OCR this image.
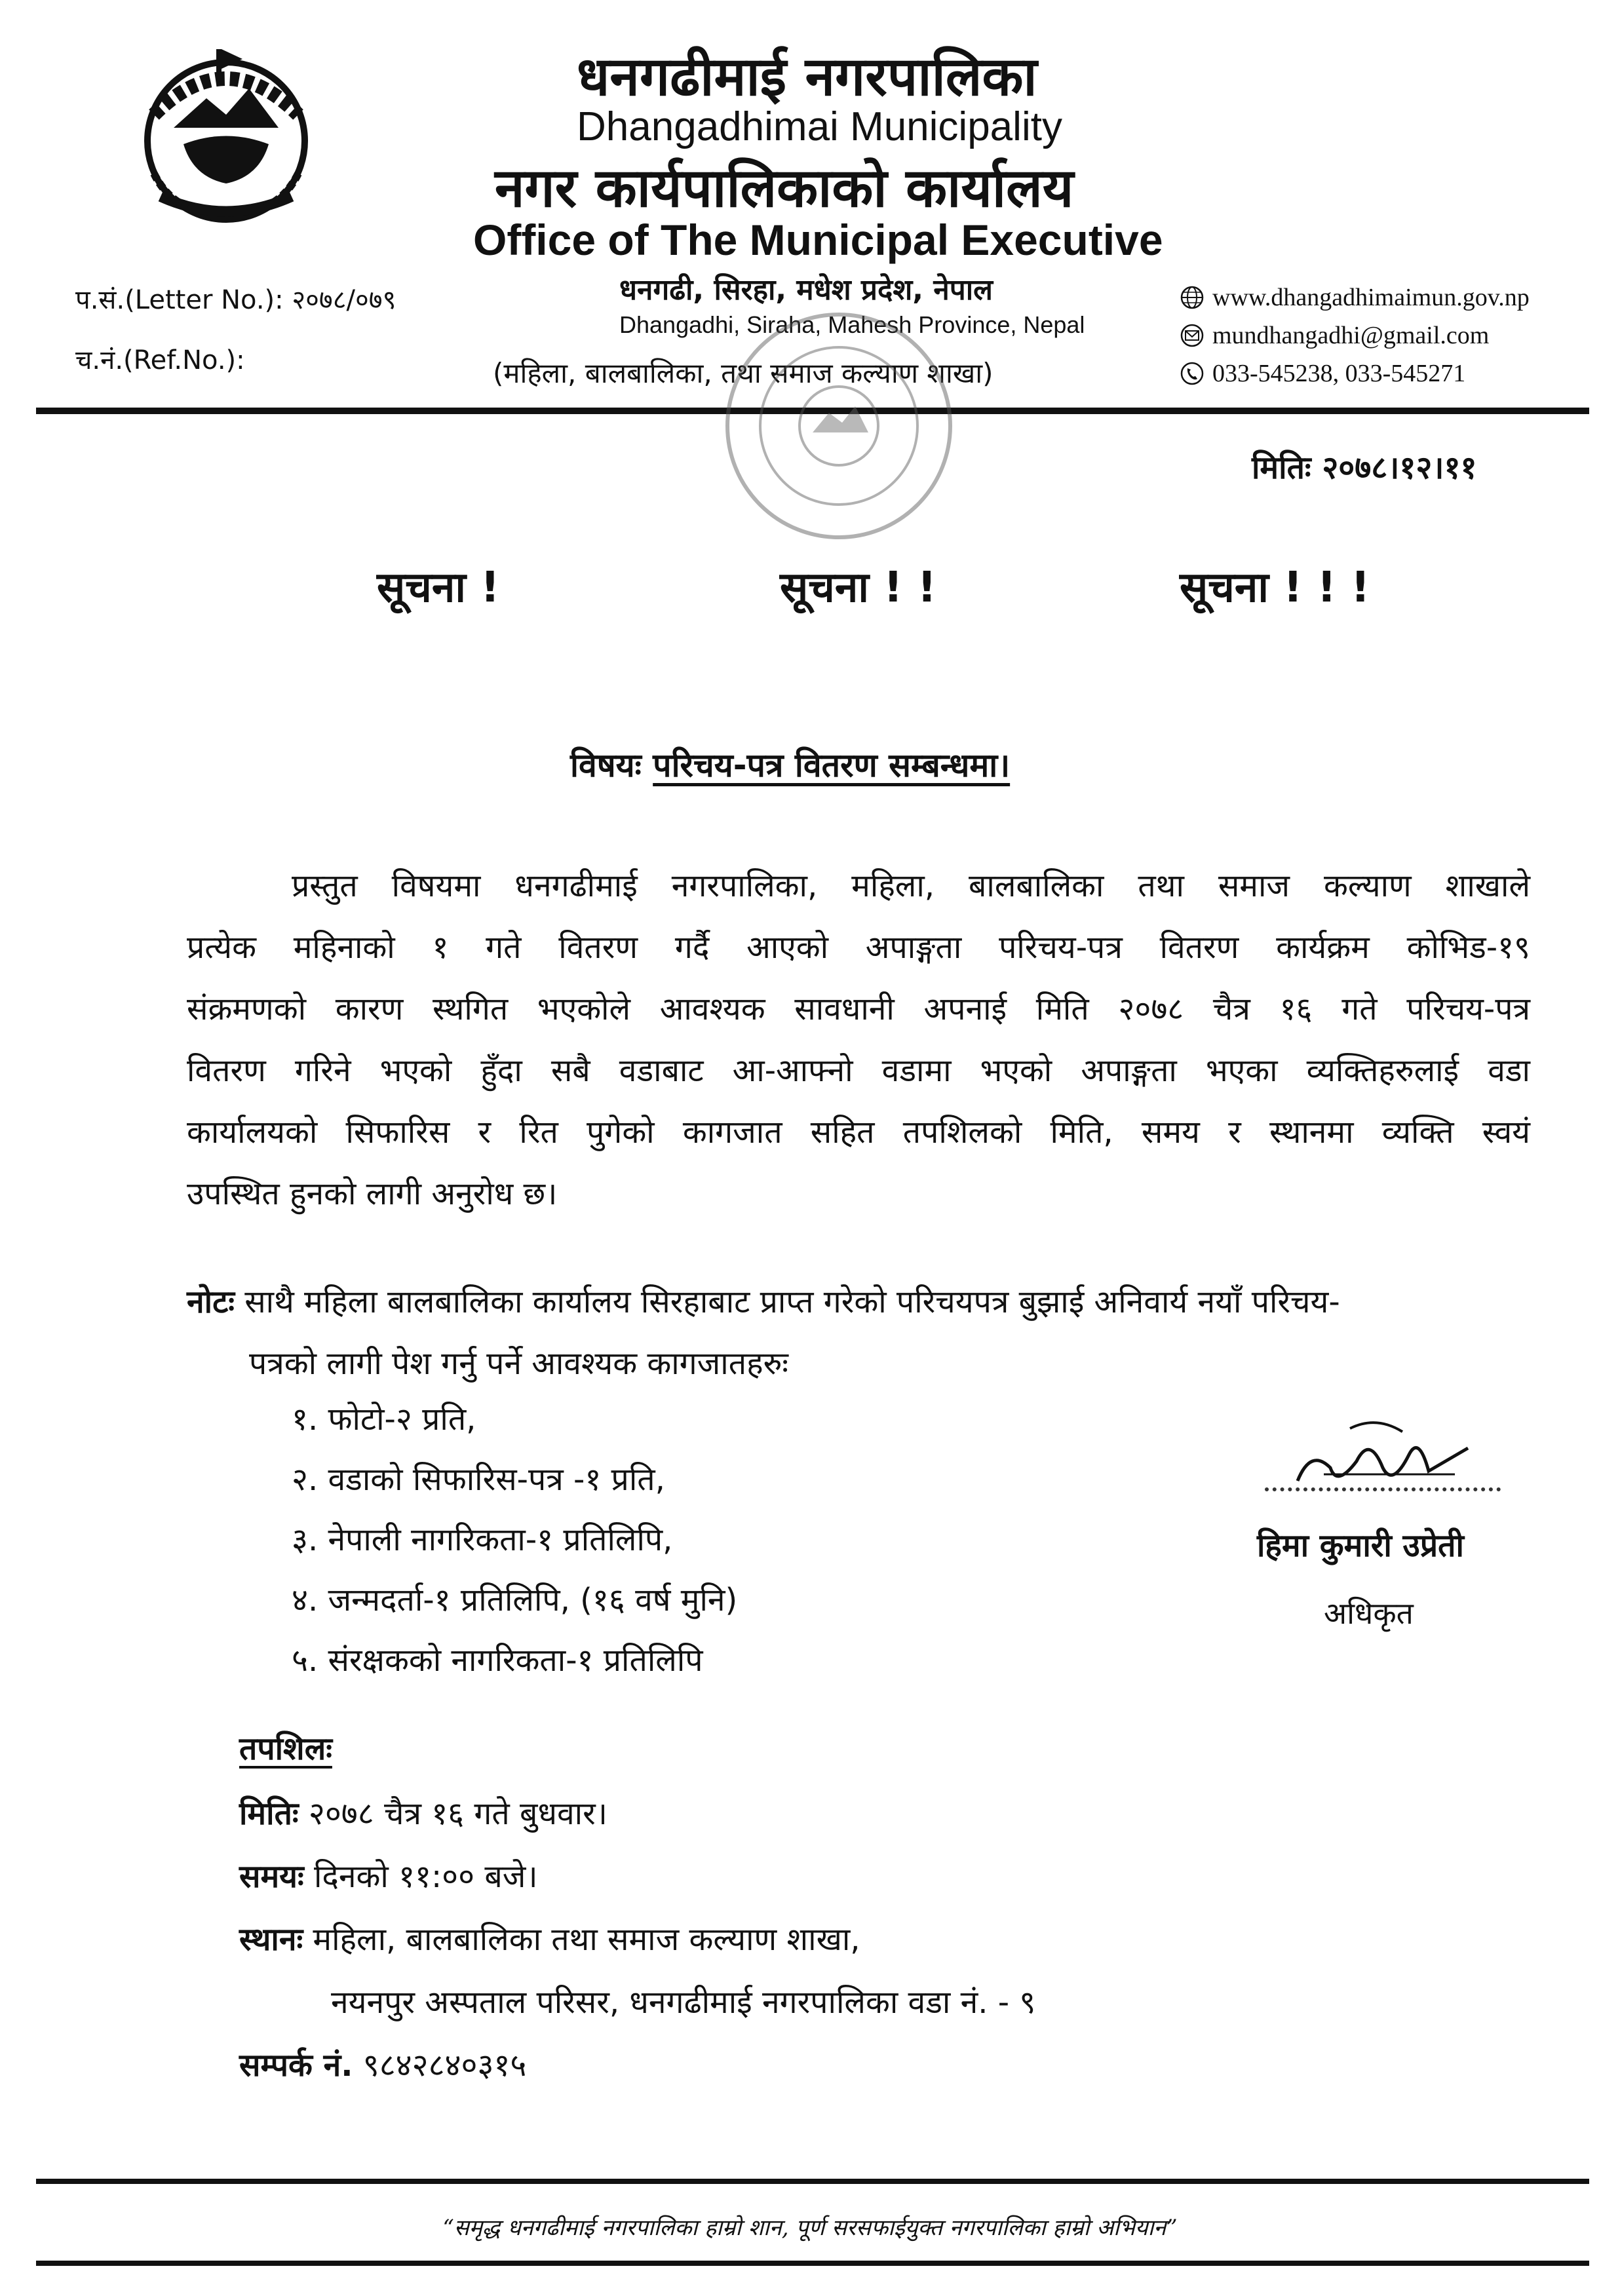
धनगढीमाई नगरपालिका
Dhangadhimai Municipality
नगर कार्यपालिकाको कार्यालय
Office of The Municipal Executive
धनगढी, सिरहा, मधेश प्रदेश, नेपाल
Dhangadhi, Siraha, Mahesh Province, Nepal
(महिला, बालबालिका, तथा समाज कल्याण शाखा)
प.सं.(Letter No.): २०७८/०७९
च.नं.(Ref.No.):
www.dhangadhimaimun.gov.np
mundhangadhi@gmail.com
033-545238, 033-545271
मितिः २०७८।१२।११
सूचना !	सूचना ! !	सूचना ! ! !
विषयः परिचय-पत्र वितरण सम्बन्धमा।

प्रस्तुत विषयमा धनगढीमाई नगरपालिका, महिला, बालबालिका तथा समाज कल्याण शाखाले

प्रत्येक महिनाको १ गते वितरण गर्दै आएको अपाङ्गता परिचय-पत्र वितरण कार्यक्रम कोभिड-१९

संक्रमणको कारण स्थगित भएकोले आवश्यक सावधानी अपनाई मिति २०७८ चैत्र १६ गते परिचय-पत्र

वितरण गरिने भएको हुँदा सबै वडाबाट आ-आफ्नो वडामा भएको अपाङ्गता भएका व्यक्तिहरुलाई वडा

कार्यालयको सिफारिस र रित पुगेको कागजात सहित तपशिलको मिति, समय र स्थानमा व्यक्ति स्वयं

उपस्थित हुनको लागी अनुरोध छ।

नोटः साथै महिला बालबालिका कार्यालय सिरहाबाट प्राप्त गरेको परिचयपत्र बुझाई अनिवार्य नयाँ परिचय-

पत्रको लागी पेश गर्नु पर्ने आवश्यक कागजातहरुः

१. फोटो-२ प्रति,
२. वडाको सिफारिस-पत्र -१ प्रति,
३. नेपाली नागरिकता-१ प्रतिलिपि,
४. जन्मदर्ता-१ प्रतिलिपि, (१६ वर्ष मुनि)
५. संरक्षकको नागरिकता-१ प्रतिलिपि
हिमा कुमारी उप्रेती
अधिकृत
तपशिलः
मितिः २०७८ चैत्र १६ गते बुधवार।
समयः दिनको ११:०० बजे।
स्थानः महिला, बालबालिका तथा समाज कल्याण शाखा,
नयनपुर अस्पताल परिसर, धनगढीमाई नगरपालिका वडा नं. - ९
सम्पर्क नं. ९८४२८४०३१५
“समृद्ध धनगढीमाई नगरपालिका हाम्रो शान, पूर्ण सरसफाईयुक्त नगरपालिका हाम्रो अभियान”
